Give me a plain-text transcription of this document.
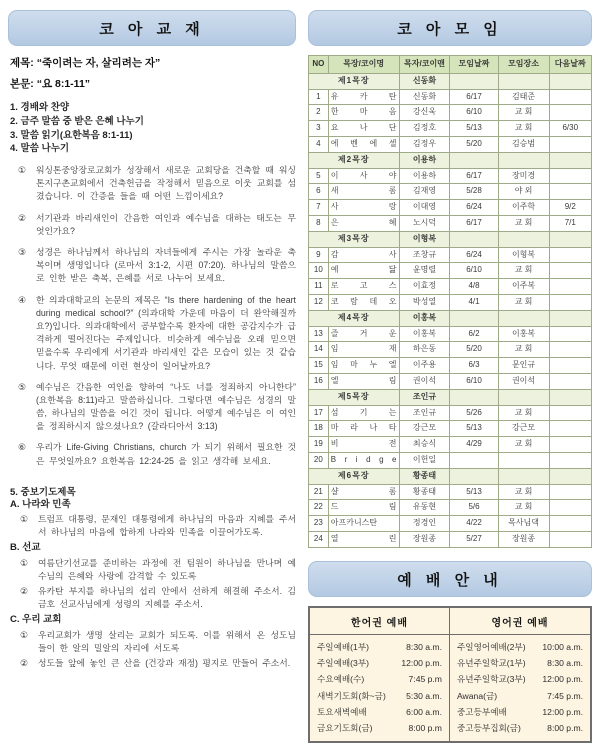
코 아 교 재
제목: “죽이려는 자, 살리려는 자”
본문: “요 8:1-11”
1. 경배와 찬양
2. 금주 말씀 중 받은 은혜 나누기
3. 말씀 읽기(요한복음 8:1-11)
4. 말씀 나누기
①	워싱톤중앙장로교회가 성장해서 새로운 교회당을 건축할 때 워싱톤지구촌교회에서 건축헌금을 작정해서 믿음으로 이웃 교회를 섬겼습니다. 이 간증을 들을 때 어떤 느낌이세요?
②	서기관과 바리새인이 간음한 여인과 예수님을 대하는 태도는 무엇인가요?
③	성경은 하나님께서 하나님의 자녀들에게 주시는 가장 놀라운 축복이며 생명입니다 (로마서 3:1-2, 시편 07:20). 하나님의 말씀으로 인한 받은 축복, 은혜를 서로 나누어 보세요.
④	한 의과대학교의 논문의 제목은 “Is there hardening of the heart during medical school?” (의과대학 가운데 마음이 더 완악해질까요?)입니다. 의과대학에서 공부할수록 환자에 대한 공감지수가 급격하게 떨어진다는 주제입니다. 비슷하게 예수님을 오래 믿으면 믿을수록 우리에게 서기관과 바리새인 같은 모습이 있는 것 같습니다. 무엇 때문에 이런 현상이 일어날까요?
⑤	예수님은 간음한 여인을 향하여 “나도 너를 정죄하지 아니한다” (요한복음 8:11)라고 말씀하십니다. 그렇다면 예수님은 성경의 말씀, 하나님의 말씀을 어긴 것이 됩니다. 어떻게 예수님은 이 여인을 정죄하시지 않으셨나요? (갈라디아서 3:13)
⑥	우리가 Life-Giving Christians, church 가 되기 위해서 필요한 것은 무엇일까요? 요한복음 12:24-25 을 읽고 생각해 보세요.
5. 중보기도제목
A. 나라와 민족
①	트럼프 대통령, 문재인 대통령에게 하나님의 마음과 지혜를 주셔서 하나님의 마음에 합하게 나라와 민족을 이끌어가도록.
B. 선교
①	여름단기선교를 준비하는 과정에 전 팀원이 하나님을 만나며 예수님의 은혜와 사랑에 감격할 수 있도록
②	유카탄 부지를 하나님의 섭리 안에서 선하게 해결해 주소서. 김금호 선교사님에게 성령의 지혜를 주소서.
C. 우리 교회
①	우리교회가 생명 살리는 교회가 되도록. 이를 위해서 온 성도님들이 한 알의 밀알의 자리에 서도록
②	성도들 앞에 놓인 큰 산을 (건강과 재정) 평지로 만들어 주소서.
코 아 모 임
NO	목장/코이명	목자/코이맨	모임날짜	모임장소	다음날짜
제1목장		신동화			
1	유 카 탄	신동화	6/17	김태준	
2	한 마 음	강신욱	6/10	교 회	
3	요 나 단	김정호	5/13	교 회	6/30
4	에 벤 에 셀	김정우	5/20	김승범	
제2목장		이용하			
5	이 사 야	이용하	6/17	장미경	
6	새 롬	김재영	5/28	야 외	
7	사 랑	이대영	6/24	이주학	9/2
8	은 혜	노시덕	6/17	교 회	7/1
제3목장		이형복			
9	감 사	조창규	6/24	이형복	
10	예 닮	윤명렬	6/10	교 회	
11	로 고 스	이효정	4/8	이주복	
12	코 람 데 오	박성열	4/1	교 회	
제4목장		이홍복			
13	즐 거 운	이홍복	6/2	이홍복	
14	임 재	하은동	5/20	교 회	
15	임 마 누 엘	이주용	6/3	문인규	
16	엘 림	권이석	6/10	권이석	
제5목장		조인규			
17	섬 기 는	조인규	5/26	교 회	
18	마 라 나 타	강근모	5/13	강근모	
19	비 전	최승식	4/29	교 회	
20	B r i d g e	이헌일			
제6목장		황종태			
21	샬 롬	황종태	5/13	교 회	
22	드 림	유동현	5/6	교 회	
23	아프카니스탄	정경인	4/22	목사님댁	
24	열 린	장원종	5/27	장원종	
예 배 안 내
한어권 예배
주일예배(1부)	8:30 a.m.
주일예배(3부)	12:00 p.m.
수요예배(수)	7:45 p.m
새벽기도회(화~금) 5:30 a.m.
토요새벽예배	6:00 a.m.
금요기도회(금)	8:00 p.m
영어권 예배
주일영어예배(2부) 10:00 a.m.
유년주일학교(1부)	8:30 a.m.
유년주일학교(3부) 12:00 p.m.
Awana(금)	7:45 p.m.
중고등부예배	12:00 p.m.
중고등부집회(금)	8:00 p.m.
